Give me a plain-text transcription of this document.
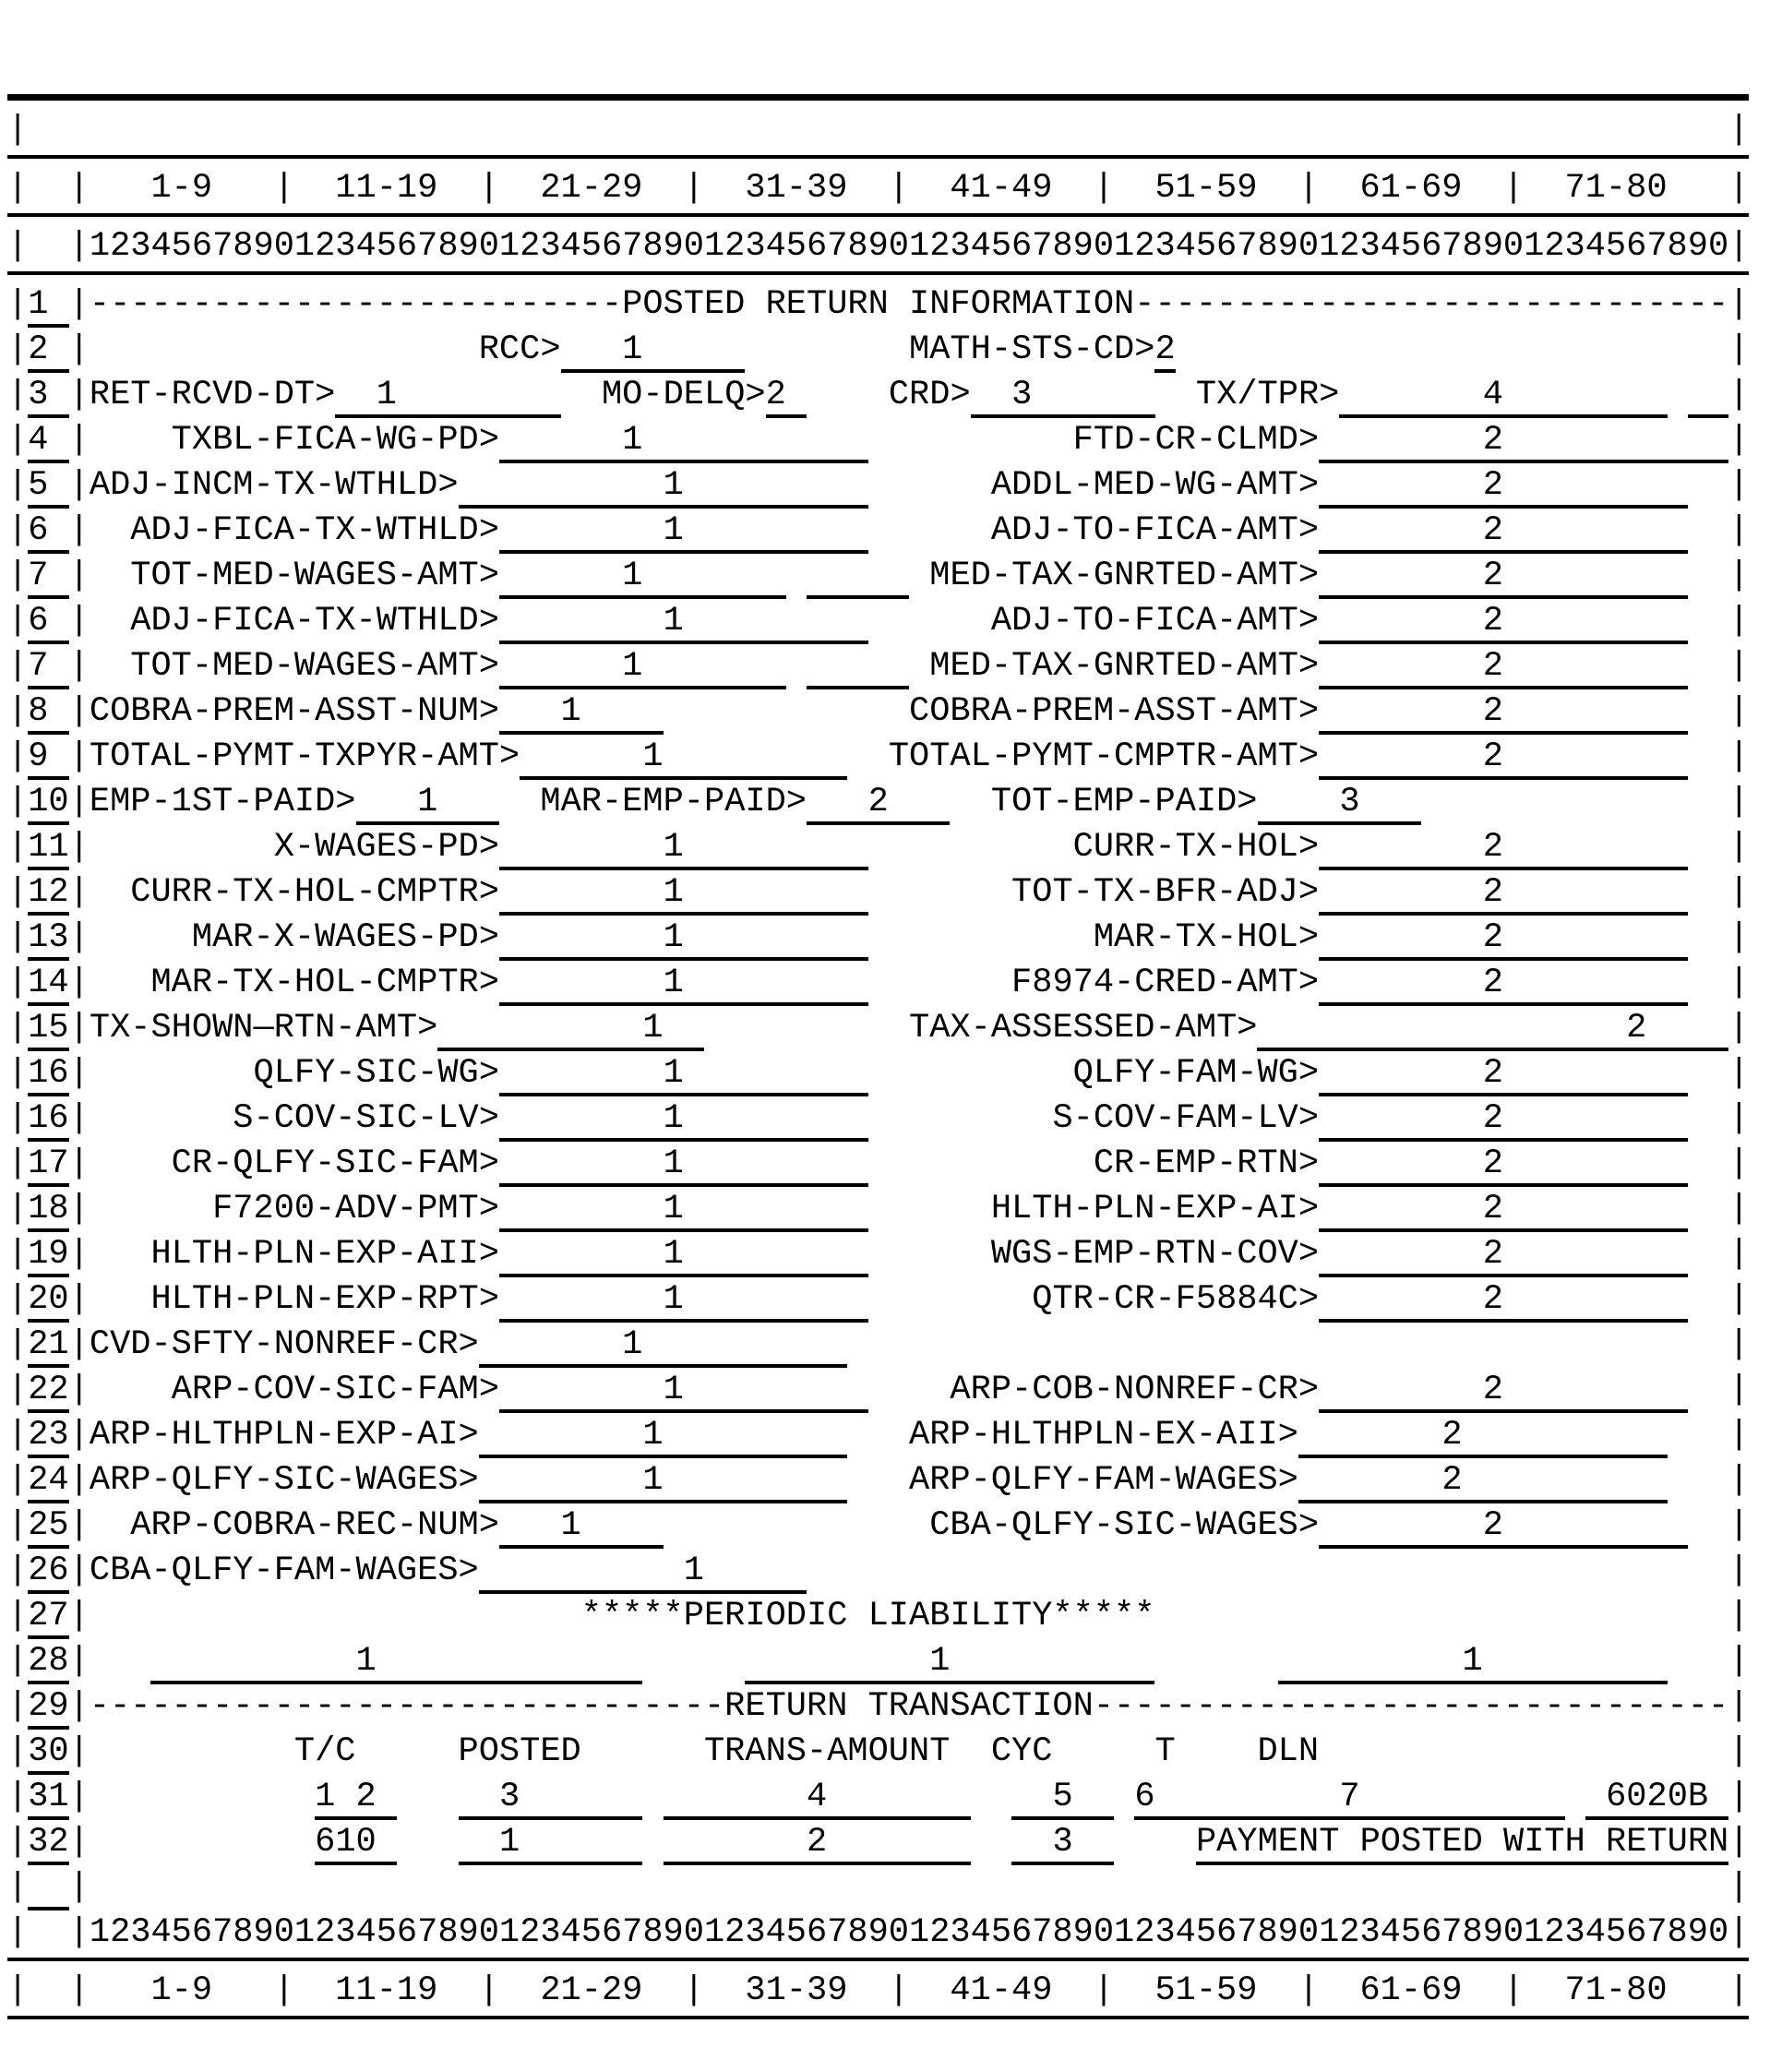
|	|
| |   1-9   |  11-19  |  21-29  |  31-39  |  41-49  |  51-59  |  61-69  |  71-80   |
| |12345678901234567890123456789012345678901234567890123456789012345678901234567890|
|1 |--------------------------POSTED RETURN INFORMATION-----------------------------|
|2 |                   RCC>   1             MATH-STS-CD>2	|
|3 |RET-RCVD-DT>  1          MO-DELQ>2     CRD>  3        TX/TPR>       4           |
|4 |    TXBL-FICA-WG-PD>      1                     FTD-CR-CLMD>        2           |
|5 |ADJ-INCM-TX-WTHLD>          1               ADDL-MED-WG-AMT>        2           |
|6 |  ADJ-FICA-TX-WTHLD>        1               ADJ-TO-FICA-AMT>        2           |
|7 |  TOT-MED-WAGES-AMT>      1	MED-TAX-GNRTED-AMT>        2           |
|6 |  ADJ-FICA-TX-WTHLD>        1               ADJ-TO-FICA-AMT>        2           |
|7 |  TOT-MED-WAGES-AMT>      1	MED-TAX-GNRTED-AMT>        2           |
|8 |COBRA-PREM-ASST-NUM>   1                COBRA-PREM-ASST-AMT>        2           |
|9 |TOTAL-PYMT-TXPYR-AMT>      1           TOTAL-PYMT-CMPTR-AMT>        2           |
|10|EMP-1ST-PAID>   1     MAR-EMP-PAID>   2     TOT-EMP-PAID>    3	|
|11|         X-WAGES-PD>        1                   CURR-TX-HOL>        2           |
|12|  CURR-TX-HOL-CMPTR>        1                TOT-TX-BFR-ADJ>        2           |
|13|     MAR-X-WAGES-PD>        1                    MAR-TX-HOL>        2           |
|14|   MAR-TX-HOL-CMPTR>        1                F8974-CRED-AMT>        2           |
|15|TX-SHOWN—RTN-AMT>          1            TAX-ASSESSED-AMT>                  2    |
|16|        QLFY-SIC-WG>        1                   QLFY-FAM-WG>        2           |
|16|       S-COV-SIC-LV>        1                  S-COV-FAM-LV>        2           |
|17|    CR-QLFY-SIC-FAM>        1                    CR-EMP-RTN>        2           |
|18|      F7200-ADV-PMT>        1               HLTH-PLN-EXP-AI>        2           |
|19|   HLTH-PLN-EXP-AII>        1               WGS-EMP-RTN-COV>        2           |
|20|   HLTH-PLN-EXP-RPT>        1                 QTR-CR-F5884C>        2           |
|21|CVD-SFTY-NONREF-CR>       1	|
|22|    ARP-COV-SIC-FAM>        1             ARP-COB-NONREF-CR>        2           |
|23|ARP-HLTHPLN-EXP-AI>        1            ARP-HLTHPLN-EX-AII>       2             |
|24|ARP-QLFY-SIC-WAGES>        1            ARP-QLFY-FAM-WAGES>       2             |
|25|  ARP-COBRA-REC-NUM>   1                 CBA-QLFY-SIC-WAGES>        2           |
|26|CBA-QLFY-FAM-WAGES>          1	|
|27|                        *****PERIODIC LIABILITY*****	|
|28|             1	1	1            |
|29|-------------------------------RETURN TRANSACTION-------------------------------|
|30|          T/C     POSTED      TRANS-AMOUNT  CYC     T    DLN	|
|31|	1 2      3              4           5   6         7            6020B |
|32|	610      1              2           3      PAYMENT POSTED WITH RETURN|
| |	|
| |12345678901234567890123456789012345678901234567890123456789012345678901234567890|
| |   1-9   |  11-19  |  21-29  |  31-39  |  41-49  |  51-59  |  61-69  |  71-80   |
